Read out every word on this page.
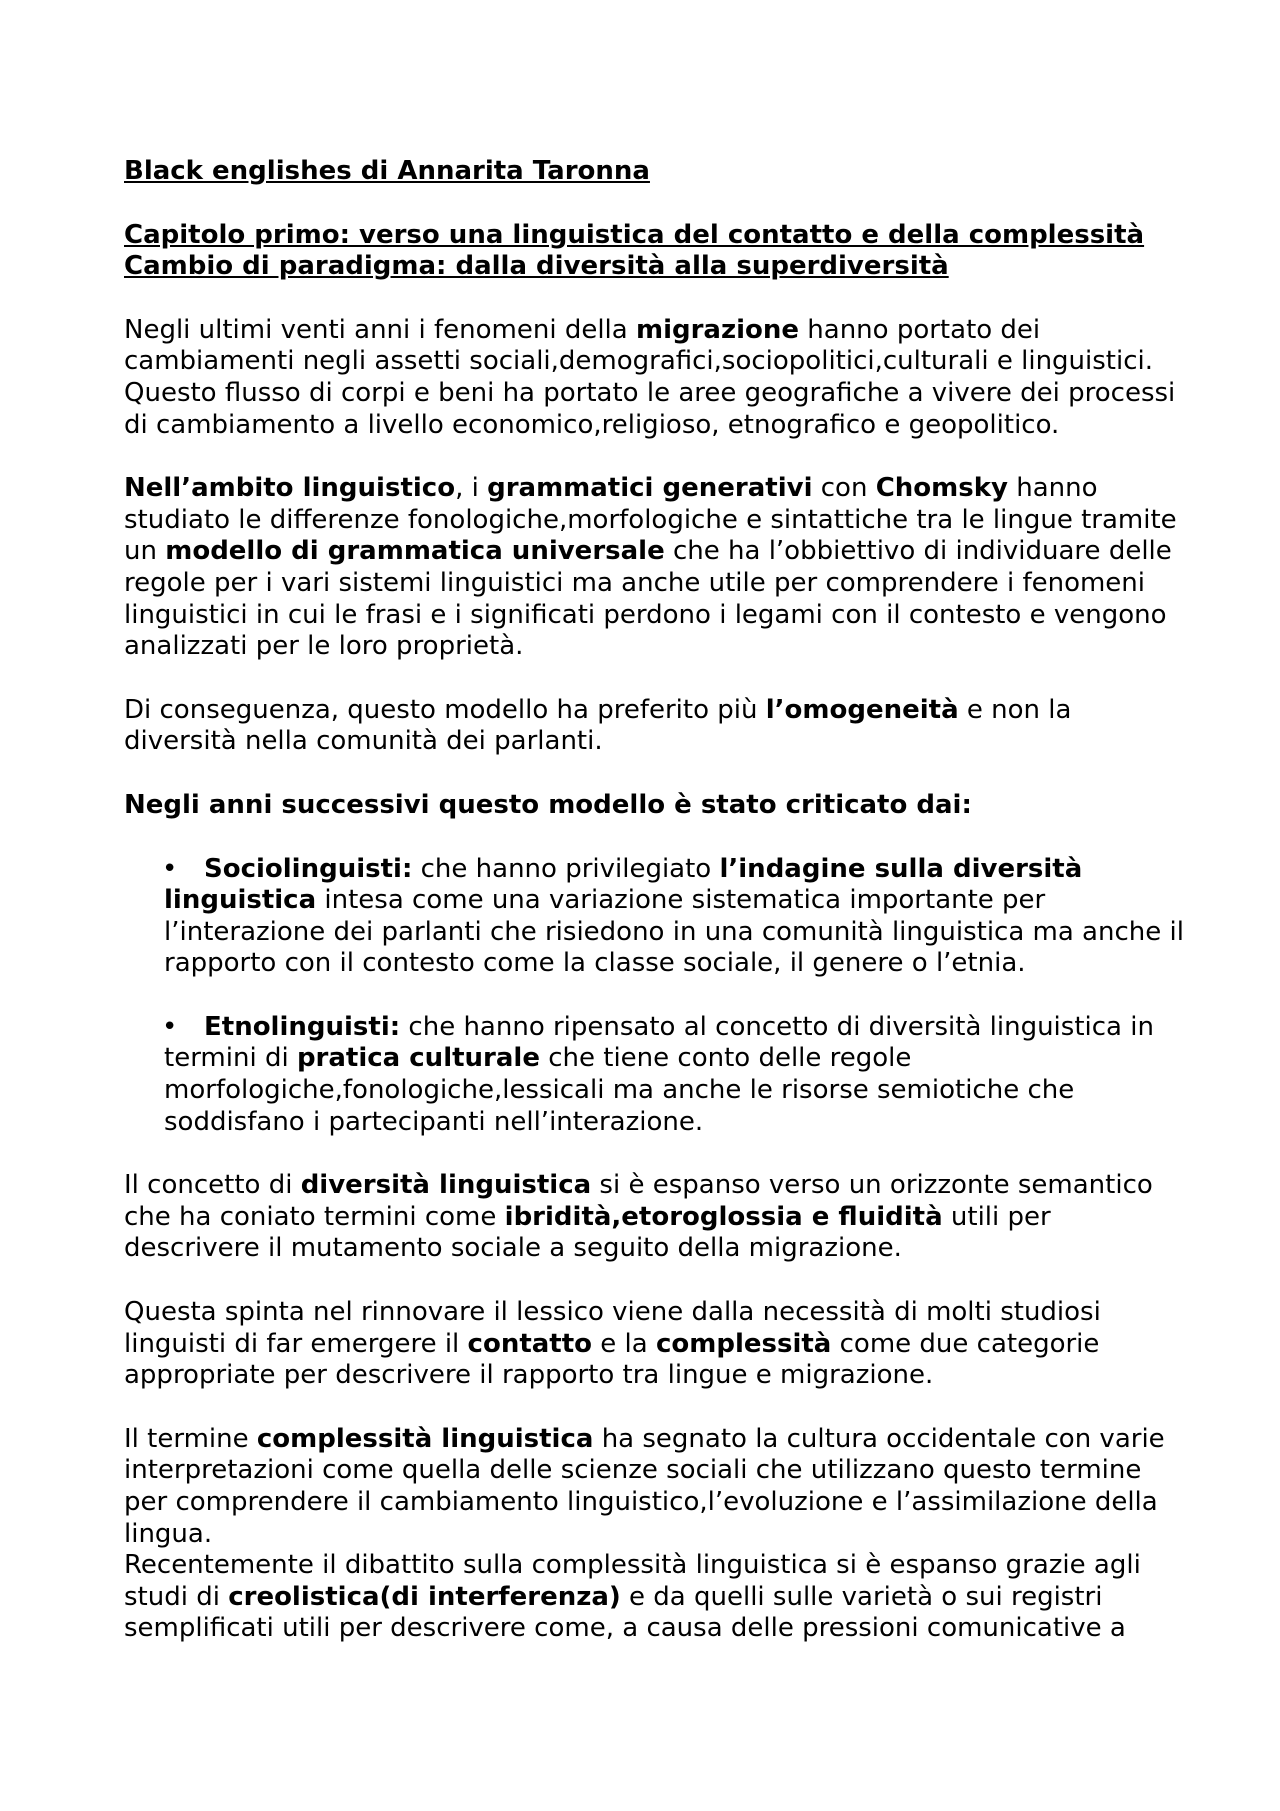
Black englishes di Annarita Taronna

Capitolo primo: verso una linguistica del contatto e della complessità

Cambio di paradigma: dalla diversità alla superdiversità

Negli ultimi venti anni i fenomeni della migrazione hanno portato dei cambiamenti negli assetti sociali,demografici,sociopolitici,culturali e linguistici. Questo flusso di corpi e beni ha portato le aree geografiche a vivere dei processi di cambiamento a livello economico,religioso, etnografico e geopolitico.

Nell’ambito linguistico, i grammatici generativi con Chomsky hanno studiato le differenze fonologiche,morfologiche e sintattiche tra le lingue tramite un modello di grammatica universale che ha l’obbiettivo di individuare delle regole per i vari sistemi linguistici ma anche utile per comprendere i fenomeni linguistici in cui le frasi e i significati perdono i legami con il contesto e vengono analizzati per le loro proprietà.

Di conseguenza, questo modello ha preferito più l’omogeneità e non la diversità nella comunità dei parlanti.

Negli anni successivi questo modello è stato criticato dai:

•	Sociolinguisti: che hanno privilegiato l’indagine sulla diversità linguistica intesa come una variazione sistematica importante per l’interazione dei parlanti che risiedono in una comunità linguistica ma anche il rapporto con il contesto come la classe sociale, il genere o l’etnia.
•	Etnolinguisti: che hanno ripensato al concetto di diversità linguistica in termini di pratica culturale che tiene conto delle regole morfologiche,fonologiche,lessicali ma anche le risorse semiotiche che soddisfano i partecipanti nell’interazione.

Il concetto di diversità linguistica si è espanso verso un orizzonte semantico che ha coniato termini come ibridità,etoroglossia e fluidità utili per descrivere il mutamento sociale a seguito della migrazione.

Questa spinta nel rinnovare il lessico viene dalla necessità di molti studiosi linguisti di far emergere il contatto e la complessità come due categorie appropriate per descrivere il rapporto tra lingue e migrazione.

Il termine complessità linguistica ha segnato la cultura occidentale con varie interpretazioni come quella delle scienze sociali che utilizzano questo termine per comprendere il cambiamento linguistico,l’evoluzione e l’assimilazione della lingua.

Recentemente il dibattito sulla complessità linguistica si è espanso grazie agli studi di creolistica(di interferenza) e da quelli sulle varietà o sui registri semplificati utili per descrivere come, a causa delle pressioni comunicative a
